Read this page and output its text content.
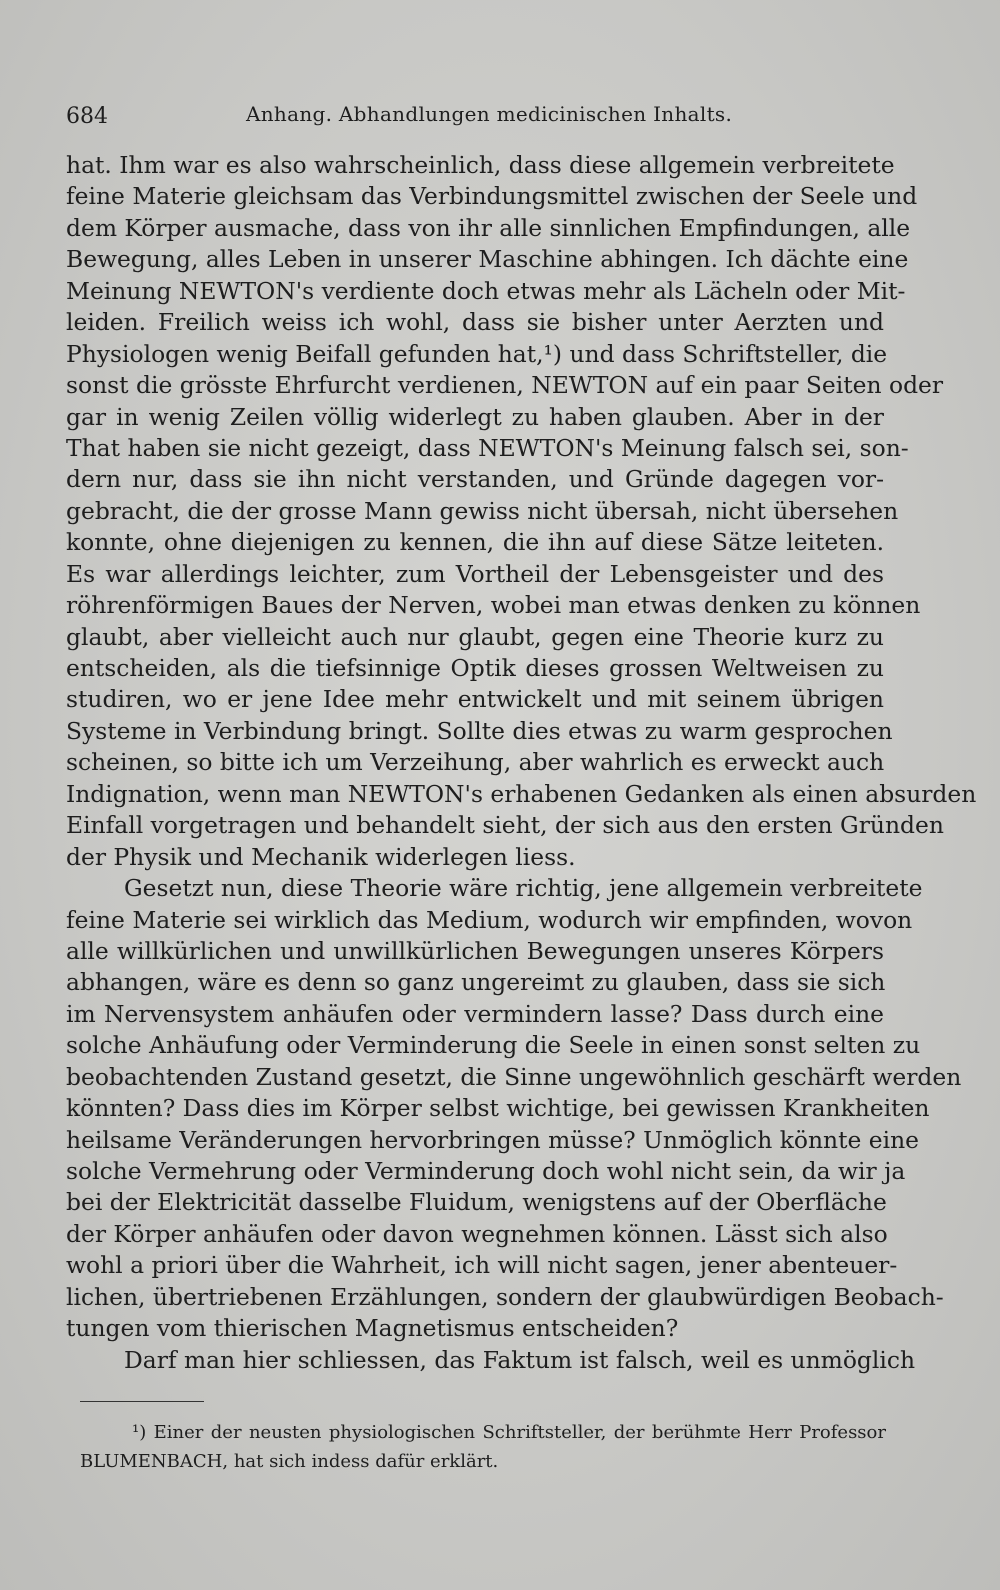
684	Anhang. Abhandlungen medicinischen Inhalts.
hat. Ihm war es also wahrscheinlich, dass diese allgemein verbreitete
feine Materie gleichsam das Verbindungsmittel zwischen der Seele und
dem Körper ausmache, dass von ihr alle sinnlichen Empfindungen, alle
Bewegung, alles Leben in unserer Maschine abhingen. Ich dächte eine
Meinung NEWTON's verdiente doch etwas mehr als Lächeln oder Mit-
leiden. Freilich weiss ich wohl, dass sie bisher unter Aerzten und
Physiologen wenig Beifall gefunden hat,¹) und dass Schriftsteller, die
sonst die grösste Ehrfurcht verdienen, NEWTON auf ein paar Seiten oder
gar in wenig Zeilen völlig widerlegt zu haben glauben. Aber in der
That haben sie nicht gezeigt, dass NEWTON's Meinung falsch sei, son-
dern nur, dass sie ihn nicht verstanden, und Gründe dagegen vor-
gebracht, die der grosse Mann gewiss nicht übersah, nicht übersehen
konnte, ohne diejenigen zu kennen, die ihn auf diese Sätze leiteten.
Es war allerdings leichter, zum Vortheil der Lebensgeister und des
röhrenförmigen Baues der Nerven, wobei man etwas denken zu können
glaubt, aber vielleicht auch nur glaubt, gegen eine Theorie kurz zu
entscheiden, als die tiefsinnige Optik dieses grossen Weltweisen zu
studiren, wo er jene Idee mehr entwickelt und mit seinem übrigen
Systeme in Verbindung bringt. Sollte dies etwas zu warm gesprochen
scheinen, so bitte ich um Verzeihung, aber wahrlich es erweckt auch
Indignation, wenn man NEWTON's erhabenen Gedanken als einen absurden
Einfall vorgetragen und behandelt sieht, der sich aus den ersten Gründen
der Physik und Mechanik widerlegen liess.
Gesetzt nun, diese Theorie wäre richtig, jene allgemein verbreitete
feine Materie sei wirklich das Medium, wodurch wir empfinden, wovon
alle willkürlichen und unwillkürlichen Bewegungen unseres Körpers
abhangen, wäre es denn so ganz ungereimt zu glauben, dass sie sich
im Nervensystem anhäufen oder vermindern lasse? Dass durch eine
solche Anhäufung oder Verminderung die Seele in einen sonst selten zu
beobachtenden Zustand gesetzt, die Sinne ungewöhnlich geschärft werden
könnten? Dass dies im Körper selbst wichtige, bei gewissen Krankheiten
heilsame Veränderungen hervorbringen müsse? Unmöglich könnte eine
solche Vermehrung oder Verminderung doch wohl nicht sein, da wir ja
bei der Elektricität dasselbe Fluidum, wenigstens auf der Oberfläche
der Körper anhäufen oder davon wegnehmen können. Lässt sich also
wohl a priori über die Wahrheit, ich will nicht sagen, jener abenteuer-
lichen, übertriebenen Erzählungen, sondern der glaubwürdigen Beobach-
tungen vom thierischen Magnetismus entscheiden?
Darf man hier schliessen, das Faktum ist falsch, weil es unmöglich
¹) Einer der neusten physiologischen Schriftsteller, der berühmte Herr Professor
BLUMENBACH, hat sich indess dafür erklärt.
